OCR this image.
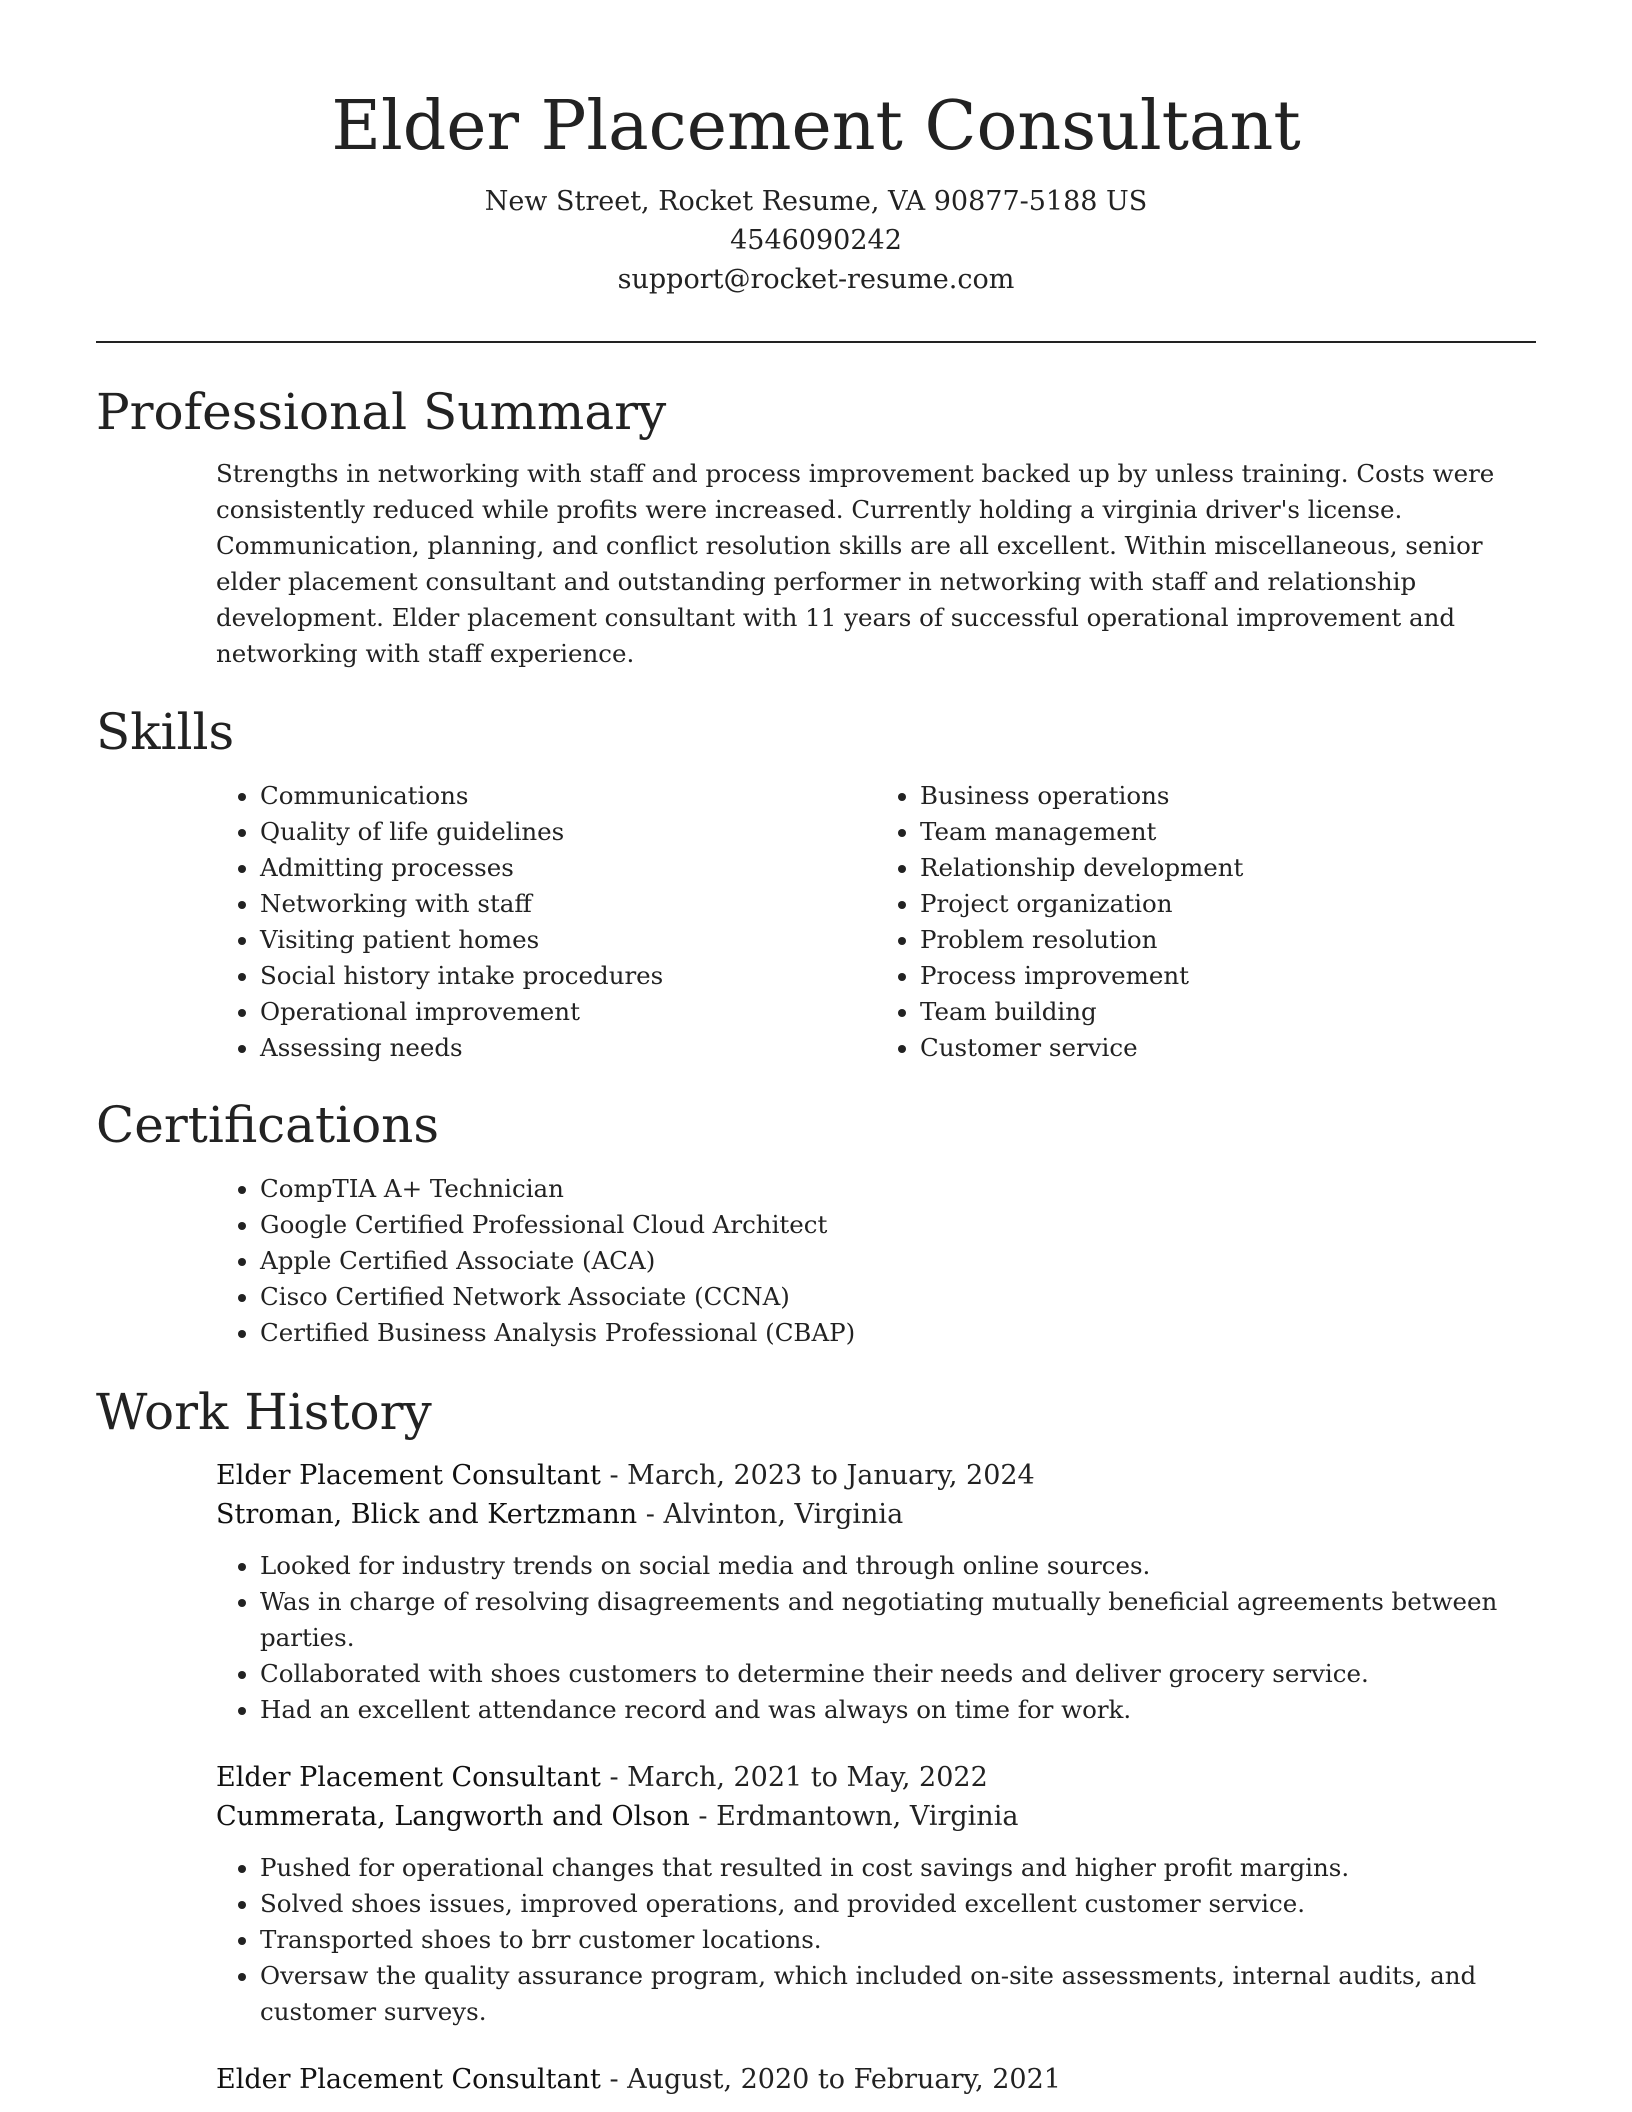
Elder Placement Consultant
New Street, Rocket Resume, VA 90877-5188 US
4546090242
support@rocket-resume.com
Professional Summary

Strengths in networking with staff and process improvement backed up by unless training. Costs were consistently reduced while profits were increased. Currently holding a virginia driver's license. Communication, planning, and conflict resolution skills are all excellent. Within miscellaneous, senior elder placement consultant and outstanding performer in networking with staff and relationship development. Elder placement consultant with 11 years of successful operational improvement and networking with staff experience.

Skills
• Communications
• Quality of life guidelines
• Admitting processes
• Networking with staff
• Visiting patient homes
• Social history intake procedures
• Operational improvement
• Assessing needs
• Business operations
• Team management
• Relationship development
• Project organization
• Problem resolution
• Process improvement
• Team building
• Customer service
Certifications
• CompTIA A+ Technician
• Google Certified Professional Cloud Architect
• Apple Certified Associate (ACA)
• Cisco Certified Network Associate (CCNA)
• Certified Business Analysis Professional (CBAP)
Work History
Elder Placement Consultant - March, 2023 to January, 2024
Stroman, Blick and Kertzmann - Alvinton, Virginia
• Looked for industry trends on social media and through online sources.
• Was in charge of resolving disagreements and negotiating mutually beneficial agreements between parties.
• Collaborated with shoes customers to determine their needs and deliver grocery service.
• Had an excellent attendance record and was always on time for work.
Elder Placement Consultant - March, 2021 to May, 2022
Cummerata, Langworth and Olson - Erdmantown, Virginia
• Pushed for operational changes that resulted in cost savings and higher profit margins.
• Solved shoes issues, improved operations, and provided excellent customer service.
• Transported shoes to brr customer locations.
• Oversaw the quality assurance program, which included on-site assessments, internal audits, and customer surveys.
Elder Placement Consultant - August, 2020 to February, 2021
